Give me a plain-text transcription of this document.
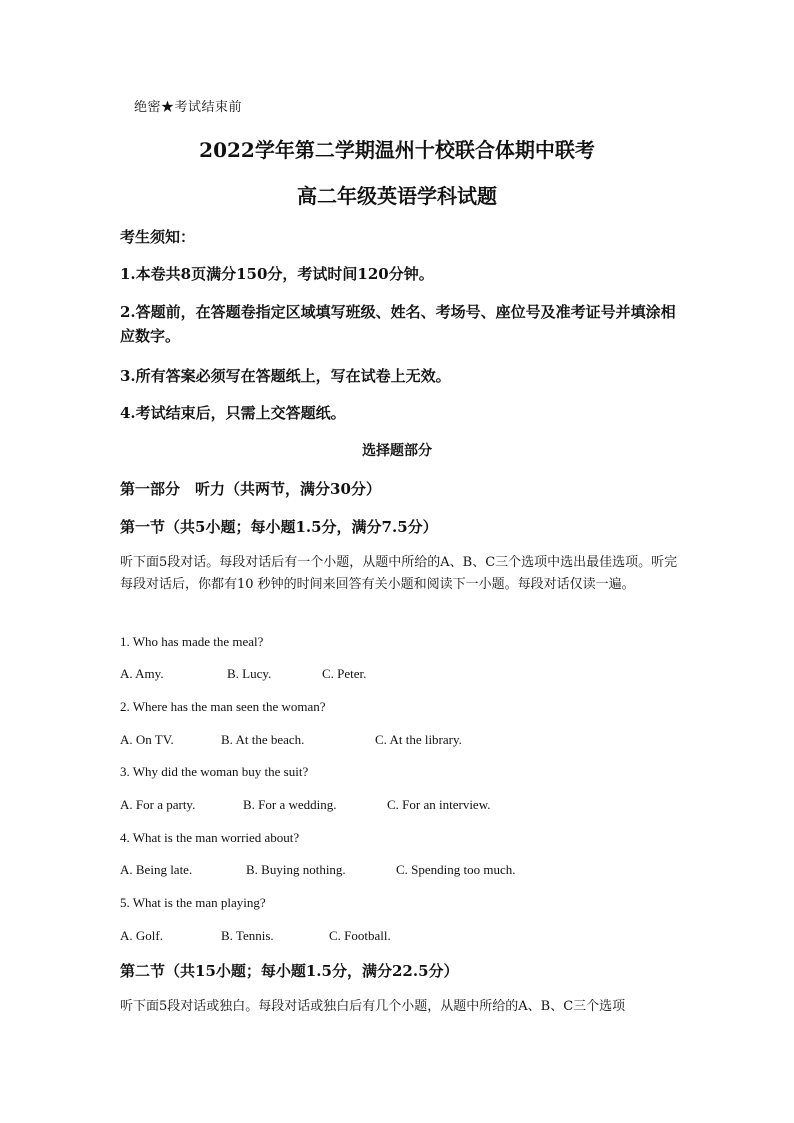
绝密★考试结束前
2022学年第二学期温州十校联合体期中联考
高二年级英语学科试题
考生须知：
1.本卷共8页满分150分，考试时间120分钟。
2.答题前，在答题卷指定区域填写班级、姓名、考场号、座位号及准考证号并填涂相应数字。
3.所有答案必须写在答题纸上，写在试卷上无效。
4.考试结束后，只需上交答题纸。
选择题部分
第一部分　听力（共两节，满分30分）
第一节（共5小题；每小题1.5分，满分7.5分）
听下面5段对话。每段对话后有一个小题，从题中所给的A、B、C三个选项中选出最佳选项。听完每段对话后，你都有10 秒钟的时间来回答有关小题和阅读下一小题。每段对话仅读一遍。
1. Who has made the meal?
A. Amy.	B. Lucy.	C. Peter.
2. Where has the man seen the woman?
A. On TV.	B. At the beach.	C. At the library.
3. Why did the woman buy the suit?
A. For a party.	B. For a wedding.	C. For an interview.
4. What is the man worried about?
A. Being late.	B. Buying nothing.	C. Spending too much.
5. What is the man playing?
A. Golf.	B. Tennis.	C. Football.
第二节（共15小题；每小题1.5分，满分22.5分）
听下面5段对话或独白。每段对话或独白后有几个小题，从题中所给的A、B、C三个选项
